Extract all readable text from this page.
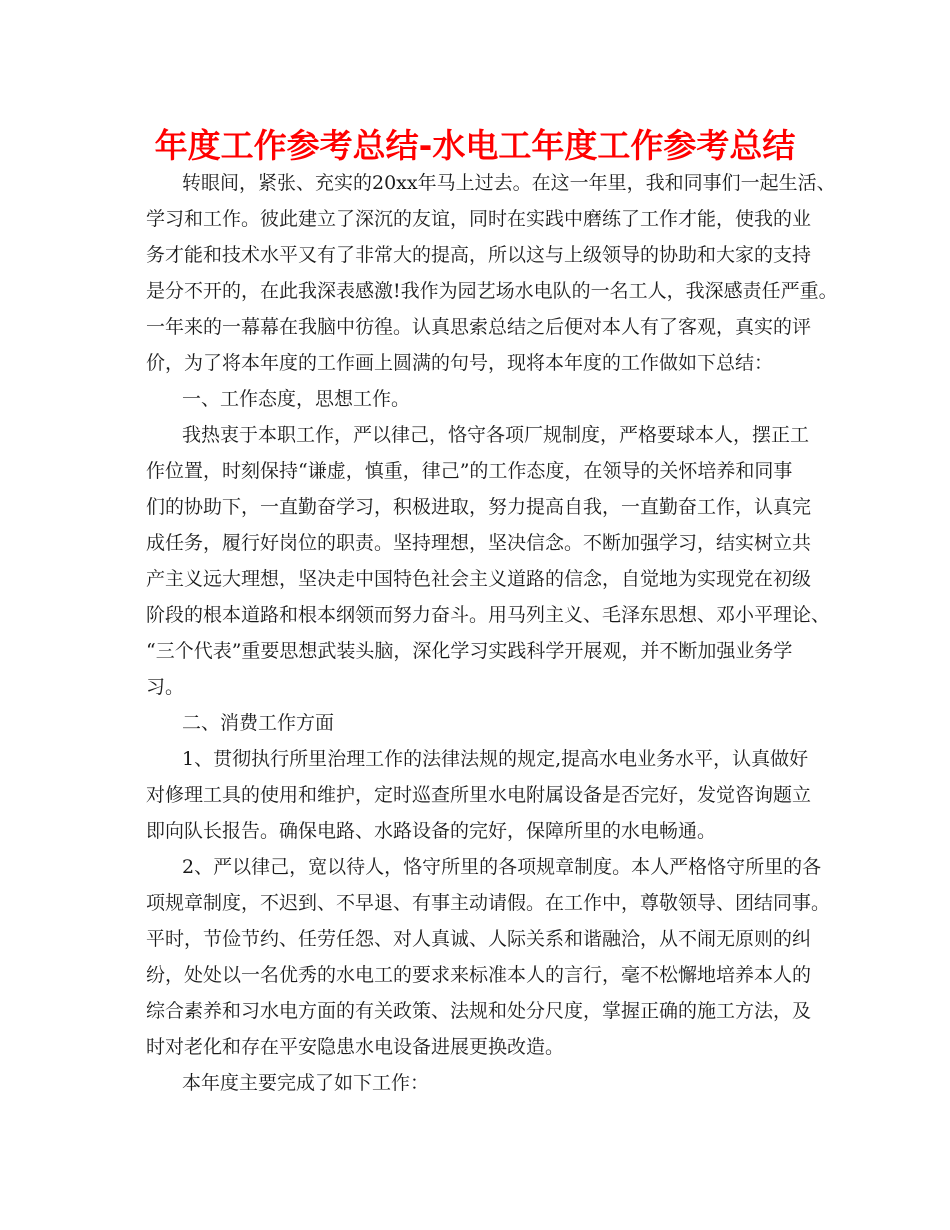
年度工作参考总结-水电工年度工作参考总结
转眼间，紧张、充实的20xx年马上过去。在这一年里，我和同事们一起生活、
学习和工作。彼此建立了深沉的友谊，同时在实践中磨练了工作才能，使我的业
务才能和技术水平又有了非常大的提高，所以这与上级领导的协助和大家的支持
是分不开的，在此我深表感激!我作为园艺场水电队的一名工人，我深感责任严重。
一年来的一幕幕在我脑中彷徨。认真思索总结之后便对本人有了客观，真实的评
价，为了将本年度的工作画上圆满的句号，现将本年度的工作做如下总结：
一、工作态度，思想工作。
我热衷于本职工作，严以律己，恪守各项厂规制度，严格要球本人，摆正工
作位置，时刻保持“谦虚，慎重，律己”的工作态度，在领导的关怀培养和同事
们的协助下，一直勤奋学习，积极进取，努力提高自我，一直勤奋工作，认真完
成任务，履行好岗位的职责。坚持理想，坚决信念。不断加强学习，结实树立共
产主义远大理想，坚决走中国特色社会主义道路的信念，自觉地为实现党在初级
阶段的根本道路和根本纲领而努力奋斗。用马列主义、毛泽东思想、邓小平理论、
“三个代表”重要思想武装头脑，深化学习实践科学开展观，并不断加强业务学
习。
二、消费工作方面
1、贯彻执行所里治理工作的法律法规的规定,提高水电业务水平，认真做好
对修理工具的使用和维护，定时巡查所里水电附属设备是否完好，发觉咨询题立
即向队长报告。确保电路、水路设备的完好，保障所里的水电畅通。
2、严以律己，宽以待人，恪守所里的各项规章制度。本人严格恪守所里的各
项规章制度，不迟到、不早退、有事主动请假。在工作中，尊敬领导、团结同事。
平时，节俭节约、任劳任怨、对人真诚、人际关系和谐融洽，从不闹无原则的纠
纷，处处以一名优秀的水电工的要求来标准本人的言行，毫不松懈地培养本人的
综合素养和习水电方面的有关政策、法规和处分尺度，掌握正确的施工方法，及
时对老化和存在平安隐患水电设备进展更换改造。
本年度主要完成了如下工作：
